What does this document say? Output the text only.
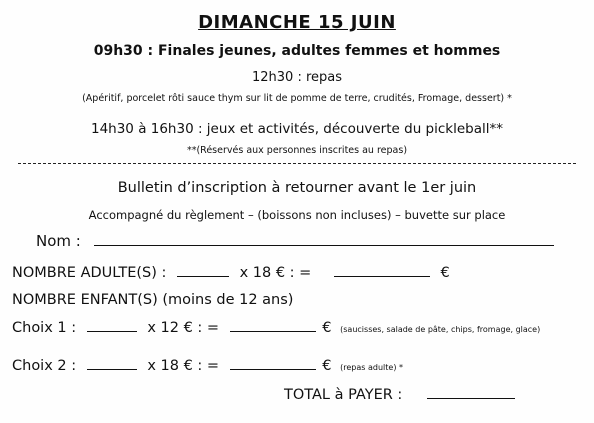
DIMANCHE 15 JUIN
09h30 : Finales jeunes, adultes femmes et hommes
12h30 : repas
(Apéritif, porcelet rôti sauce thym sur lit de pomme de terre, crudités, Fromage, dessert) *
14h30 à 16h30 : jeux et activités, découverte du pickleball**
**(Réservés aux personnes inscrites au repas)
Bulletin d’inscription à retourner avant le 1er juin
Accompagné du règlement – (boissons non incluses) – buvette sur place
Nom :
NOMBRE ADULTE(S) :	x 18 € : =	€
NOMBRE ENFANT(S) (moins de 12 ans)
Choix 1 :	x 12 € : =	€ (saucisses, salade de pâte, chips, fromage, glace)
Choix 2 :	x 18 € : =	€ (repas adulte) *
TOTAL à PAYER :
